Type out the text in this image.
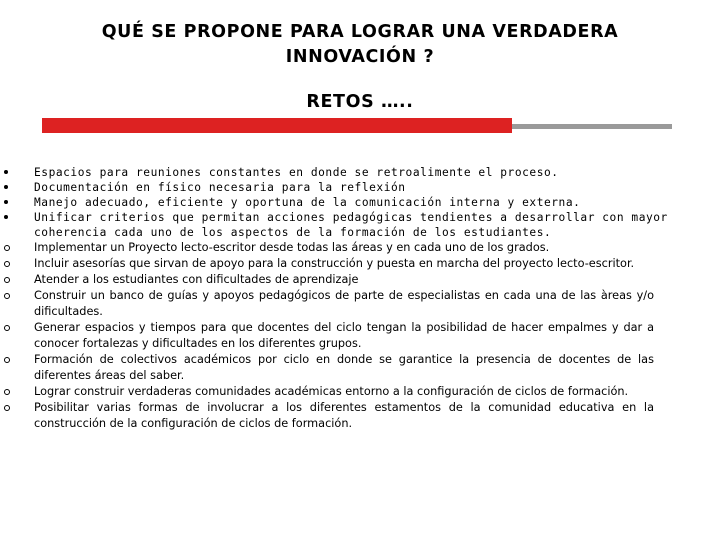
QUÉ SE PROPONE PARA LOGRAR UNA VERDADERA
INNOVACIÓN ?
RETOS …..
Espacios para reuniones constantes en donde se retroalimente el proceso.
Documentación en físico necesaria para la reflexión
Manejo adecuado, eficiente y oportuna de la comunicación interna y externa.
Unificar criterios que permitan acciones pedagógicas tendientes a desarrollar con mayor
coherencia cada uno de los aspectos de la formación de los estudiantes.
Implementar un Proyecto lecto-escritor desde todas las áreas y en cada uno de los grados.
Incluir asesorías que sirvan de apoyo para la construcción y puesta en marcha del proyecto lecto-escritor.
Atender a los estudiantes con dificultades de aprendizaje
Construir un banco de guías y apoyos pedagógicos de parte de especialistas en cada una de las àreas y/o dificultades.
Generar espacios y tiempos para que docentes del ciclo tengan la posibilidad de hacer empalmes y dar a conocer fortalezas y dificultades en los diferentes grupos.
Formación de colectivos académicos por ciclo en donde se garantice la presencia de docentes de las diferentes áreas del saber.
Lograr construir verdaderas comunidades académicas entorno a la configuración de ciclos de formación.
Posibilitar varias formas de involucrar a los diferentes estamentos de la comunidad educativa en la construcción de la configuración de ciclos de formación.
